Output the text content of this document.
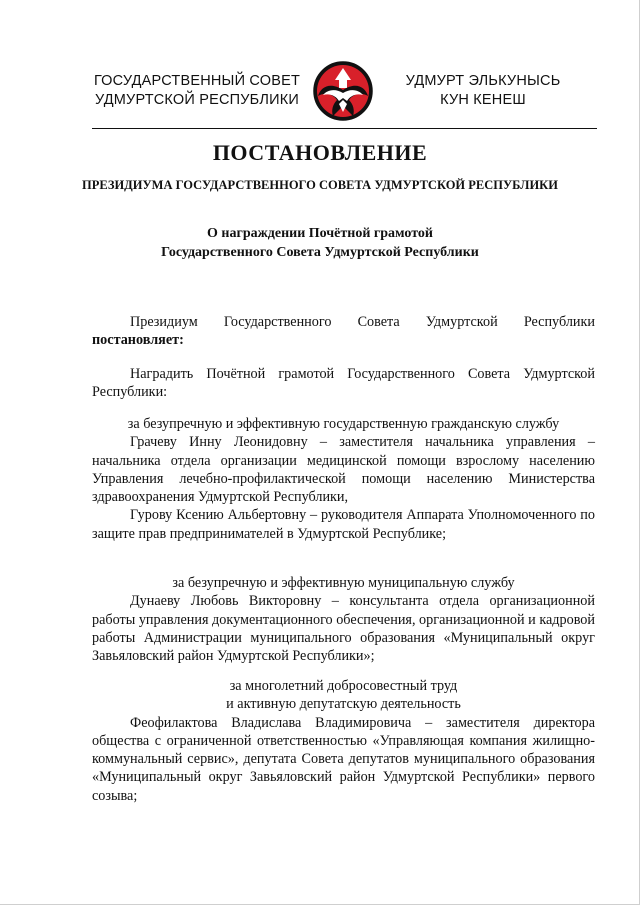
ГОСУДАРСТВЕННЫЙ СОВЕТ
УДМУРТСКОЙ РЕСПУБЛИКИ
УДМУРТ ЭЛЬКУНЫСЬ
КУН КЕНЕШ
ПОСТАНОВЛЕНИЕ
ПРЕЗИДИУМА ГОСУДАРСТВЕННОГО СОВЕТА УДМУРТСКОЙ РЕСПУБЛИКИ
О награждении Почётной грамотой
Государственного Совета Удмуртской Республики

Президиум Государственного Совета Удмуртской Республики

постановляет:

Наградить Почётной грамотой Государственного Совета Удмуртской Республики:

за безупречную и эффективную государственную гражданскую службу

Грачеву Инну Леонидовну – заместителя начальника управления – начальника отдела организации медицинской помощи взрослому населению Управления лечебно-профилактической помощи населению Министерства здравоохранения Удмуртской Республики,

Гурову Ксению Альбертовну – руководителя Аппарата Уполномоченного по защите прав предпринимателей в Удмуртской Республике;

за безупречную и эффективную муниципальную службу

Дунаеву Любовь Викторовну – консультанта отдела организационной работы управления документационного обеспечения, организационной и кадровой работы Администрации муниципального образования «Муниципальный округ Завьяловский район Удмуртской Республики»;

за многолетний добросовестный труд

и активную депутатскую деятельность

Феофилактова Владислава Владимировича – заместителя директора общества с ограниченной ответственностью «Управляющая компания жилищно-коммунальный сервис», депутата Совета депутатов муниципального образования «Муниципальный округ Завьяловский район Удмуртской Республики» первого созыва;
